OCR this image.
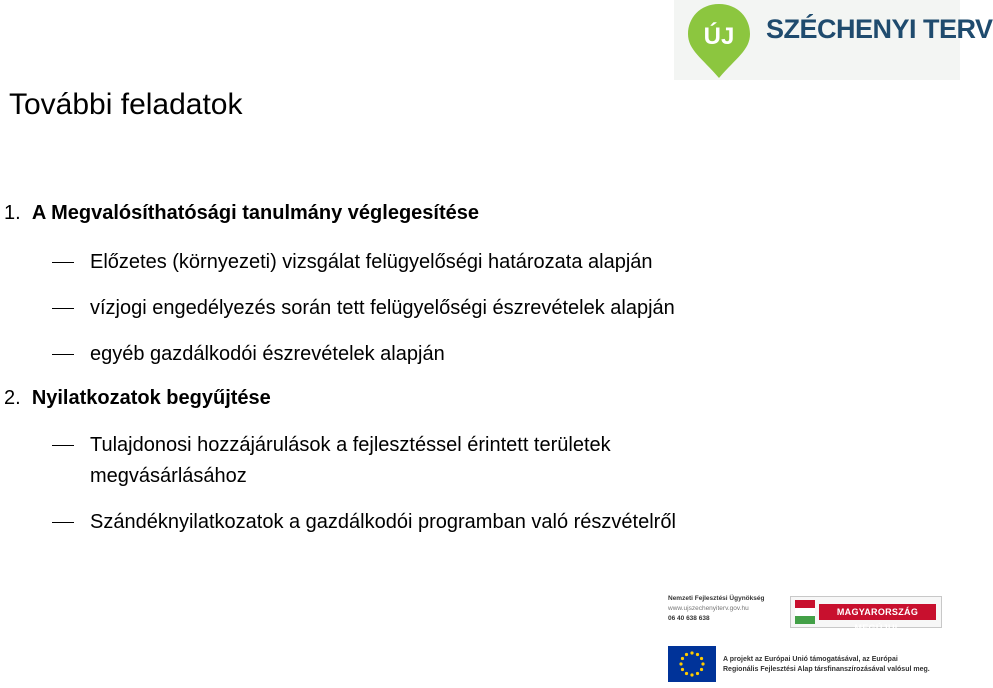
ÚJ SZÉCHENYI TERV
További feladatok
1. A Megvalósíthatósági tanulmány véglegesítése
Előzetes (környezeti) vizsgálat felügyelőségi határozata alapján
vízjogi engedélyezés során tett felügyelőségi észrevételek alapján
egyéb gazdálkodói észrevételek alapján
2. Nyilatkozatok begyűjtése
Tulajdonosi hozzájárulások a fejlesztéssel érintett területek
megvásárlásához
Szándéknyilatkozatok a gazdálkodói programban való részvételről
Nemzeti Fejlesztési Ügynökség
www.ujszechenyiterv.gov.hu
06 40 638 638
MAGYARORSZÁG MEGÚJUL
A projekt az Európai Unió támogatásával, az Európai
Regionális Fejlesztési Alap társfinanszírozásával valósul meg.
